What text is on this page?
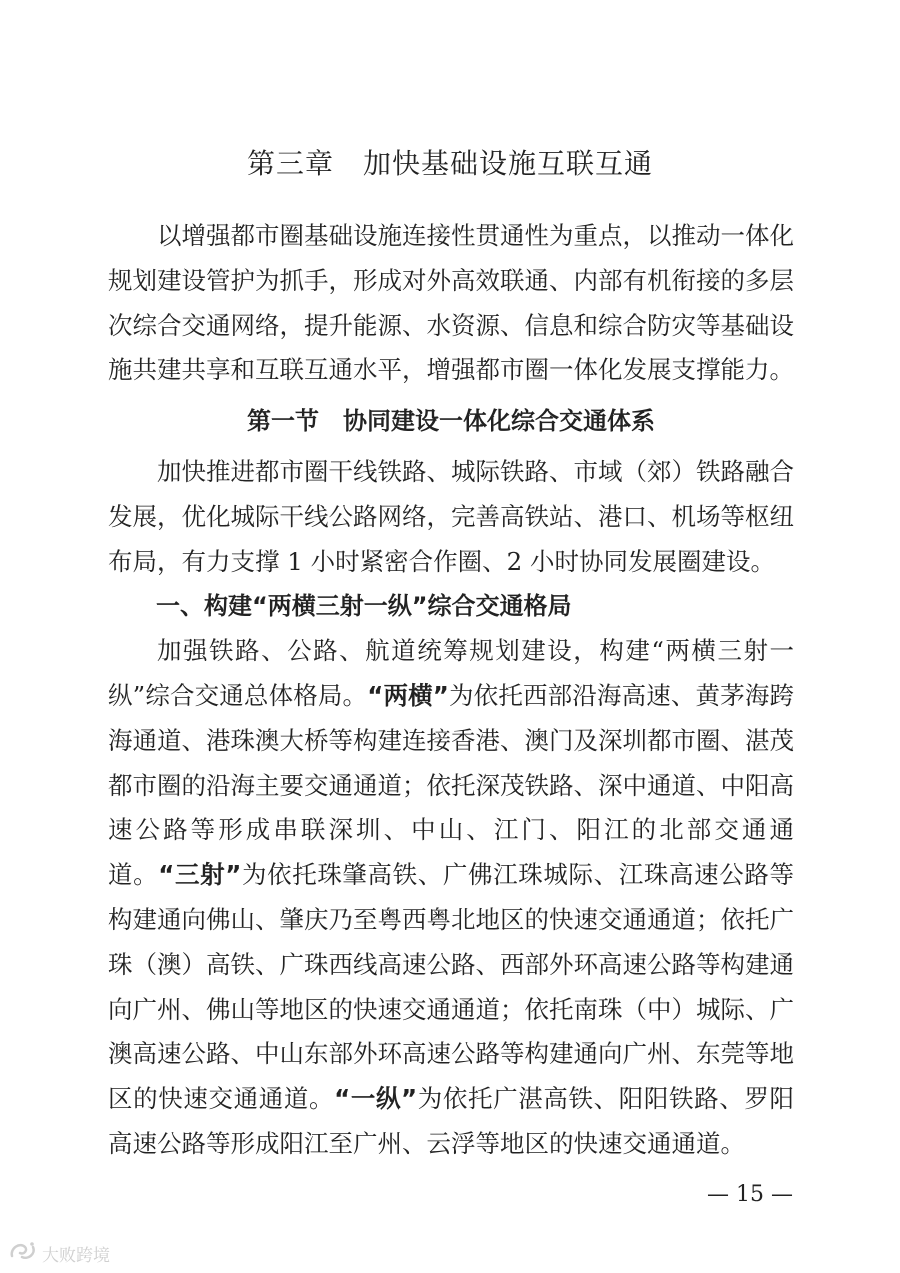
第三章　加快基础设施互联互通

以增强都市圈基础设施连接性贯通性为重点，以推动一体化规划建设管护为抓手，形成对外高效联通、内部有机衔接的多层次综合交通网络，提升能源、水资源、信息和综合防灾等基础设施共建共享和互联互通水平，增强都市圈一体化发展支撑能力。

第一节　协同建设一体化综合交通体系

加快推进都市圈干线铁路、城际铁路、市域（郊）铁路融合发展，优化城际干线公路网络，完善高铁站、港口、机场等枢纽布局，有力支撑 1 小时紧密合作圈、2 小时协同发展圈建设。

一、构建“两横三射一纵”综合交通格局

加强铁路、公路、航道统筹规划建设，构建“两横三射一纵”综合交通总体格局。“两横”为依托西部沿海高速、黄茅海跨海通道、港珠澳大桥等构建连接香港、澳门及深圳都市圈、湛茂都市圈的沿海主要交通通道；依托深茂铁路、深中通道、中阳高速公路等形成串联深圳、中山、江门、阳江的北部交通通道。“三射”为依托珠肇高铁、广佛江珠城际、江珠高速公路等构建通向佛山、肇庆乃至粤西粤北地区的快速交通通道；依托广珠（澳）高铁、广珠西线高速公路、西部外环高速公路等构建通向广州、佛山等地区的快速交通通道；依托南珠（中）城际、广澳高速公路、中山东部外环高速公路等构建通向广州、东莞等地区的快速交通通道。“一纵”为依托广湛高铁、阳阳铁路、罗阳高速公路等形成阳江至广州、云浮等地区的快速交通通道。

— 15 —
大败跨境
